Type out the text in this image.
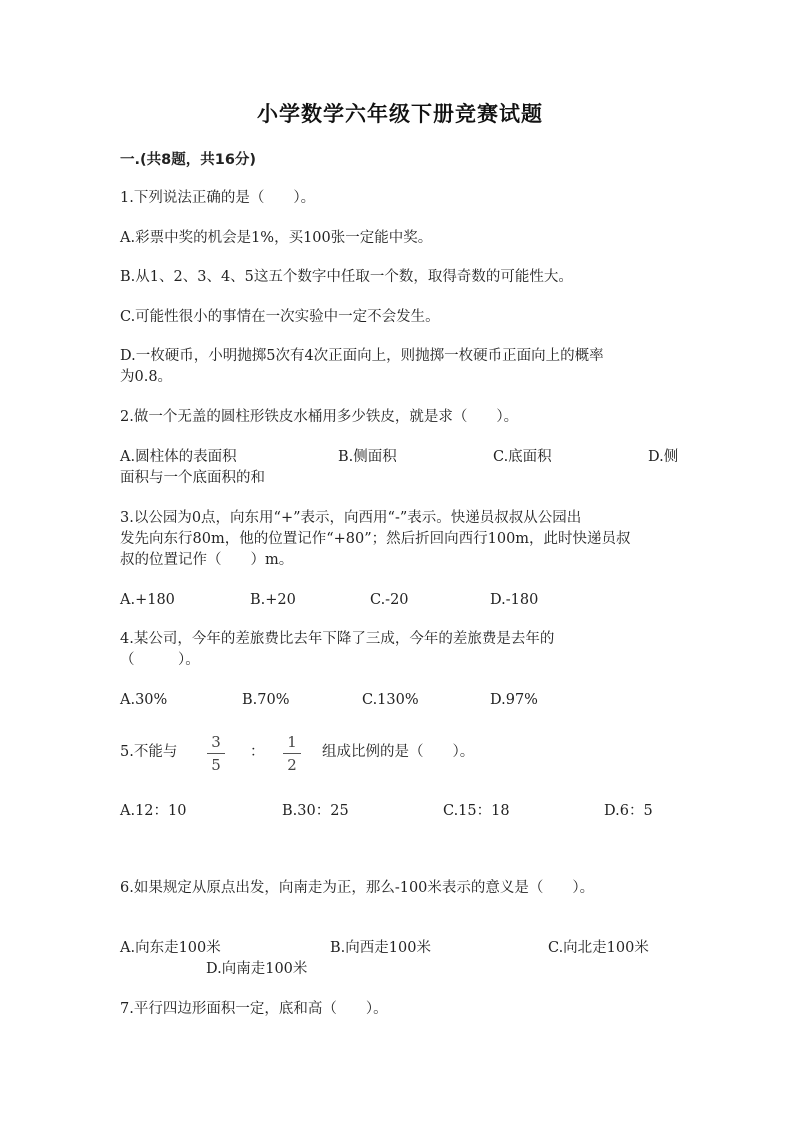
小学数学六年级下册竞赛试题
一.(共8题，共16分)
1.下列说法正确的是（　　）。
A.彩票中奖的机会是1%，买100张一定能中奖。
B.从1、2、3、4、5这五个数字中任取一个数，取得奇数的可能性大。
C.可能性很小的事情在一次实验中一定不会发生。
D.一枚硬币，小明抛掷5次有4次正面向上，则抛掷一枚硬币正面向上的概率
为0.8。
2.做一个无盖的圆柱形铁皮水桶用多少铁皮，就是求（　　）。
A.圆柱体的表面积	B.侧面积	C.底面积	D.侧
面积与一个底面积的和
3.以公园为0点，向东用“+”表示，向西用“-”表示。快递员叔叔从公园出
发先向东行80m，他的位置记作“+80”；然后折回向西行100m，此时快递员叔
叔的位置记作（　　）m。
A.+180	B.+20	C.-20	D.-180
4.某公司，今年的差旅费比去年下降了三成，今年的差旅费是去年的
（　　　）。
A.30%	B.70%	C.130%	D.97%
5.不能与
3
5
：
1
2
组成比例的是（　　）。
A.12：10	B.30：25	C.15：18	D.6：5
6.如果规定从原点出发，向南走为正，那么-100米表示的意义是（　　）。
A.向东走100米	B.向西走100米	C.向北走100米
D.向南走100米
7.平行四边形面积一定，底和高（　　）。
